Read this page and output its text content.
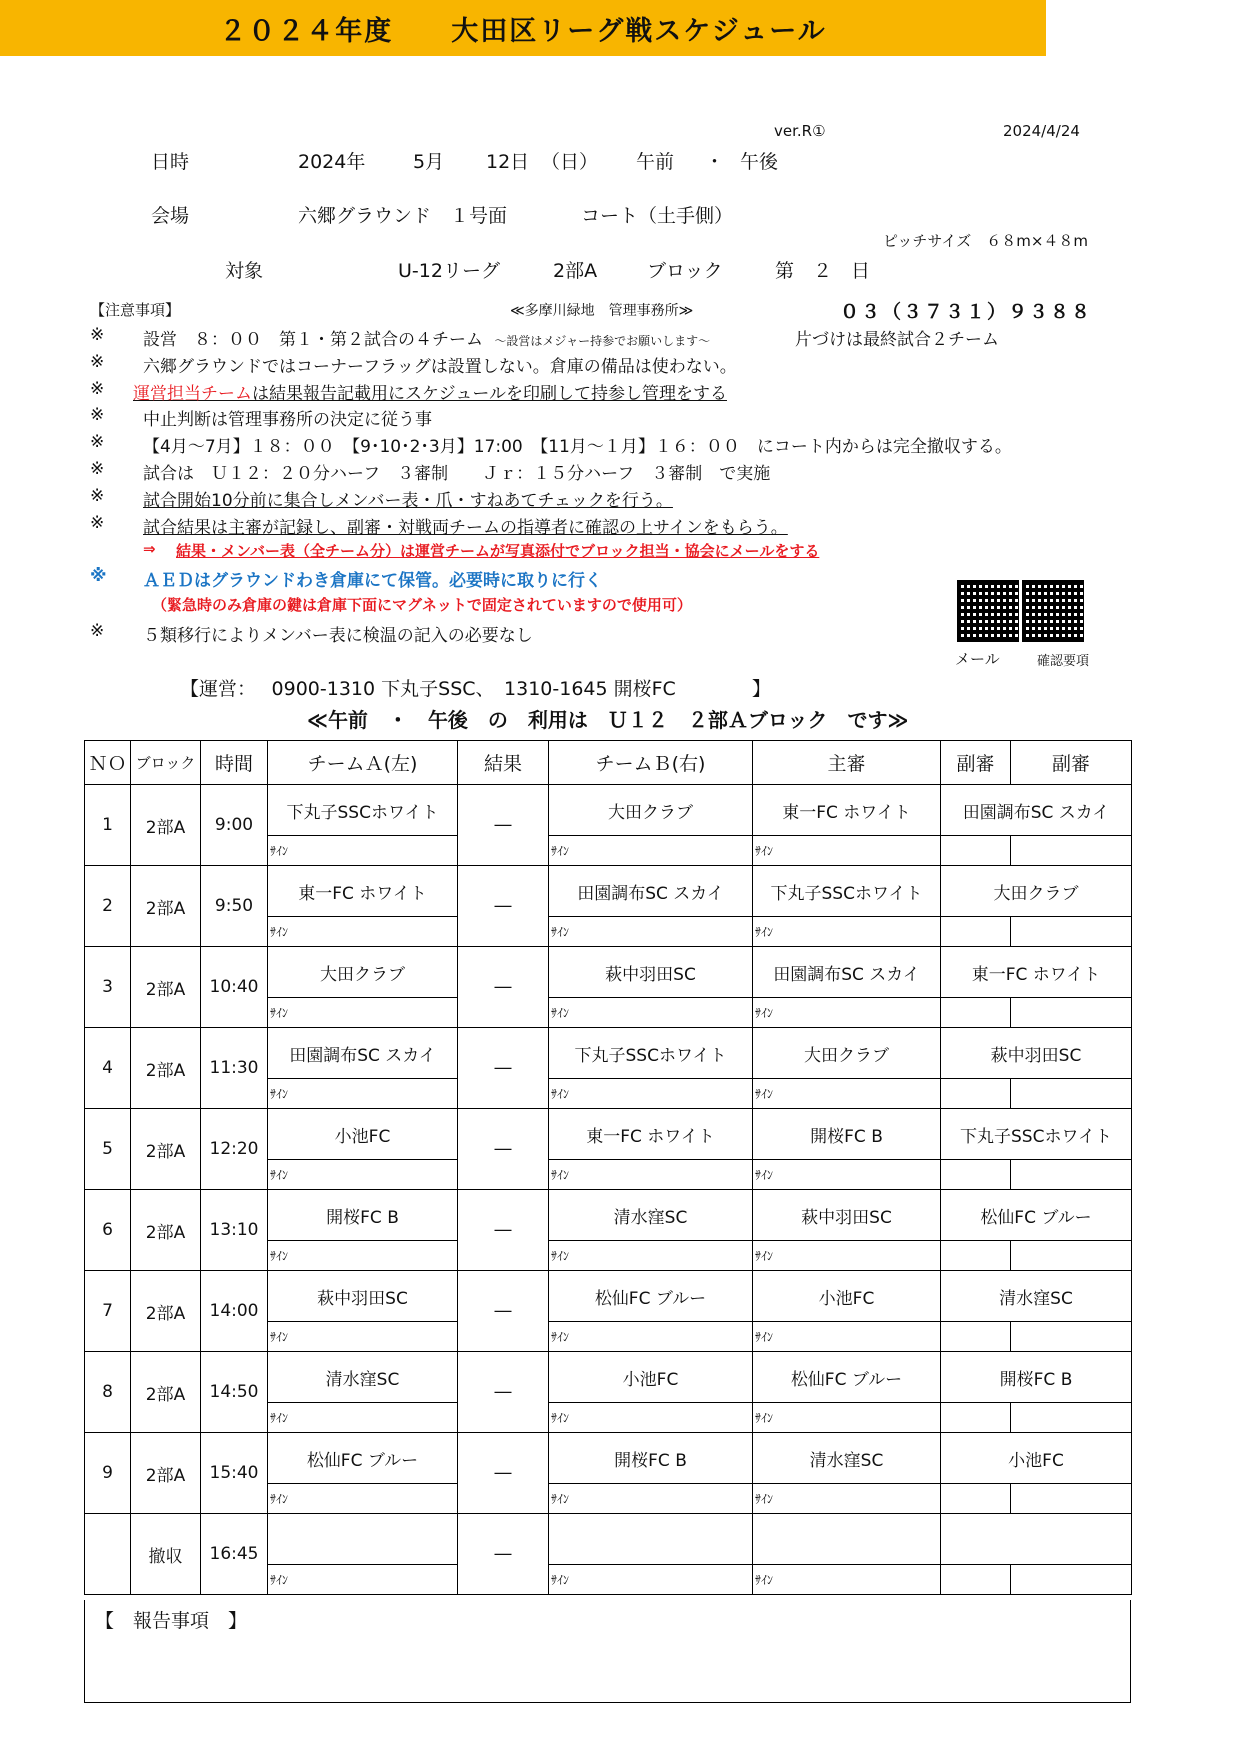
２０２４年度　　大田区リーグ戦スケジュール
ver.R①	2024/4/24
日時	2024年	5月 12日 （日） 午前 ・ 午後
会場	六郷グラウンド　１号面	コート（土手側）
ピッチサイズ　６８m×４８m
対象	U-12リーグ	2部A	ブロック	第　２　日
【注意事項】	≪多摩川緑地　管理事務所≫	０３（３７３１）９３８８
※ 設営　８：００　第１・第２試合の４チーム ～設営はメジャー持参でお願いします～	片づけは最終試合２チーム
※ 六郷グラウンドではコーナーフラッグは設置しない。倉庫の備品は使わない。
※ 運営担当チームは結果報告記載用にスケジュールを印刷して持参し管理をする
※ 中止判断は管理事務所の決定に従う事
※ 【4月～7月】１８：００　【9･10･2･3月】17:00　【11月～１月】１６：００　にコート内からは完全撤収する。
※ 試合は　Ｕ１２：２０分ハーフ　３審制　　Ｊｒ：１５分ハーフ　３審制　で実施
※ 試合開始10分前に集合しメンバー表・爪・すねあてチェックを行う。
※ 試合結果は主審が記録し、副審・対戦両チームの指導者に確認の上サインをもらう。
⇒ 結果・メンバー表（全チーム分）は運営チームが写真添付でブロック担当・協会にメールをする
※ ＡＥＤはグラウンドわき倉庫にて保管。必要時に取りに行く
（緊急時のみ倉庫の鍵は倉庫下面にマグネットで固定されていますので使用可）
※ ５類移行によりメンバー表に検温の記入の必要なし
メール	確認要項
【運営：　 0900-1310 下丸子SSC、　1310-1645 開桜FC　　　　】
≪午前　・　午後　の　利用は　Ｕ１２　２部Ａブロック　です≫
ＮＯ	ブロック	時間	チームＡ(左)	結果	チームＢ(右)	主審	副審	副審
1	2部A	9:00	下丸子SSCホワイト	―	大田クラブ	東一FC ホワイト	田園調布SC スカイ	
			ｻｲﾝ		ｻｲﾝ	ｻｲﾝ		
2	2部A	9:50	東一FC ホワイト	―	田園調布SC スカイ	下丸子SSCホワイト	大田クラブ	
			ｻｲﾝ		ｻｲﾝ	ｻｲﾝ		
3	2部A	10:40	大田クラブ	―	萩中羽田SC	田園調布SC スカイ	東一FC ホワイト	
			ｻｲﾝ		ｻｲﾝ	ｻｲﾝ		
4	2部A	11:30	田園調布SC スカイ	―	下丸子SSCホワイト	大田クラブ	萩中羽田SC	
			ｻｲﾝ		ｻｲﾝ	ｻｲﾝ		
5	2部A	12:20	小池FC	―	東一FC ホワイト	開桜FC B	下丸子SSCホワイト	
			ｻｲﾝ		ｻｲﾝ	ｻｲﾝ		
6	2部A	13:10	開桜FC B	―	清水窪SC	萩中羽田SC	松仙FC ブルー	
			ｻｲﾝ		ｻｲﾝ	ｻｲﾝ		
7	2部A	14:00	萩中羽田SC	―	松仙FC ブルー	小池FC	清水窪SC	
			ｻｲﾝ		ｻｲﾝ	ｻｲﾝ		
8	2部A	14:50	清水窪SC	―	小池FC	松仙FC ブルー	開桜FC B	
			ｻｲﾝ		ｻｲﾝ	ｻｲﾝ		
9	2部A	15:40	松仙FC ブルー	―	開桜FC B	清水窪SC	小池FC	
			ｻｲﾝ		ｻｲﾝ	ｻｲﾝ		
	撤収	16:45		―				
			ｻｲﾝ		ｻｲﾝ	ｻｲﾝ		
【　報告事項　】
